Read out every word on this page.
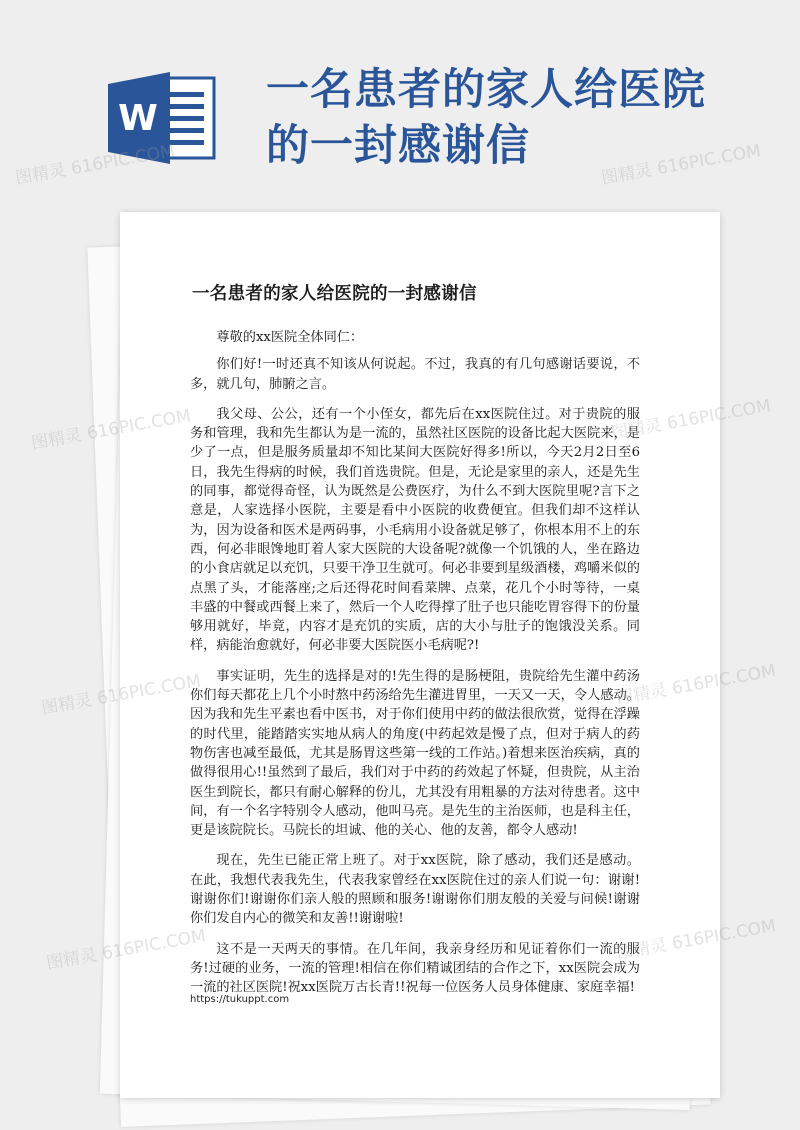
W
一名患者的家人给医院的一封感谢信
一名患者的家人给医院的一封感谢信

尊敬的xx医院全体同仁：

你们好!一时还真不知该从何说起。不过，我真的有几句感谢话要说，不多，就几句，肺腑之言。

我父母、公公，还有一个小侄女，都先后在xx医院住过。对于贵院的服务和管理，我和先生都认为是一流的，虽然社区医院的设备比起大医院来，是少了一点，但是服务质量却不知比某间大医院好得多!所以，今天2月2日至6日，我先生得病的时候，我们首选贵院。但是，无论是家里的亲人，还是先生的同事，都觉得奇怪，认为既然是公费医疗，为什么不到大医院里呢?言下之意是，人家选择小医院，主要是看中小医院的收费便宜。但我们却不这样认为，因为设备和医术是两码事，小毛病用小设备就足够了，你根本用不上的东西，何必非眼馋地盯着人家大医院的大设备呢?就像一个饥饿的人，坐在路边的小食店就足以充饥，只要干净卫生就可。何必非要到星级酒楼，鸡嚼米似的点黑了头，才能落座;之后还得花时间看菜牌、点菜，花几个小时等待，一桌丰盛的中餐或西餐上来了，然后一个人吃得撑了肚子也只能吃胃容得下的份量够用就好，毕竟，内容才是充饥的实质，店的大小与肚子的饱饿没关系。同样，病能治愈就好，何必非要大医院医小毛病呢?!

事实证明，先生的选择是对的!先生得的是肠梗阻，贵院给先生灌中药汤你们每天都花上几个小时熬中药汤给先生灌进胃里，一天又一天，令人感动。因为我和先生平素也看中医书，对于你们使用中药的做法很欣赏，觉得在浮躁的时代里，能踏踏实实地从病人的角度(中药起效是慢了点，但对于病人的药物伤害也减至最低，尤其是肠胃这些第一线的工作站。)着想来医治疾病，真的做得很用心!!虽然到了最后，我们对于中药的药效起了怀疑，但贵院，从主治医生到院长，都只有耐心解释的份儿，尤其没有用粗暴的方法对待患者。这中间，有一个名字特别令人感动，他叫马亮。是先生的主治医师，也是科主任，更是该院院长。马院长的坦诚、他的关心、他的友善，都令人感动!

现在，先生已能正常上班了。对于xx医院，除了感动，我们还是感动。在此，我想代表我先生，代表我家曾经在xx医院住过的亲人们说一句：谢谢!谢谢你们!谢谢你们亲人般的照顾和服务!谢谢你们朋友般的关爱与问候!谢谢你们发自内心的微笑和友善!!谢谢啦!

这不是一天两天的事情。在几年间，我亲身经历和见证着你们一流的服务!过硬的业务，一流的管理!相信在你们精诚团结的合作之下，xx医院会成为一流的社区医院!祝xx医院万古长青!!祝每一位医务人员身体健康、家庭幸福!

https://tukuppt.com
图精灵 616PIC.COM	图精灵 616PIC.COM
图精灵 616PIC.COM	图精灵 616PIC.COM
图精灵 616PIC.COM	图精灵 616PIC.COM
图精灵 616PIC.COM	图精灵 616PIC.COM
